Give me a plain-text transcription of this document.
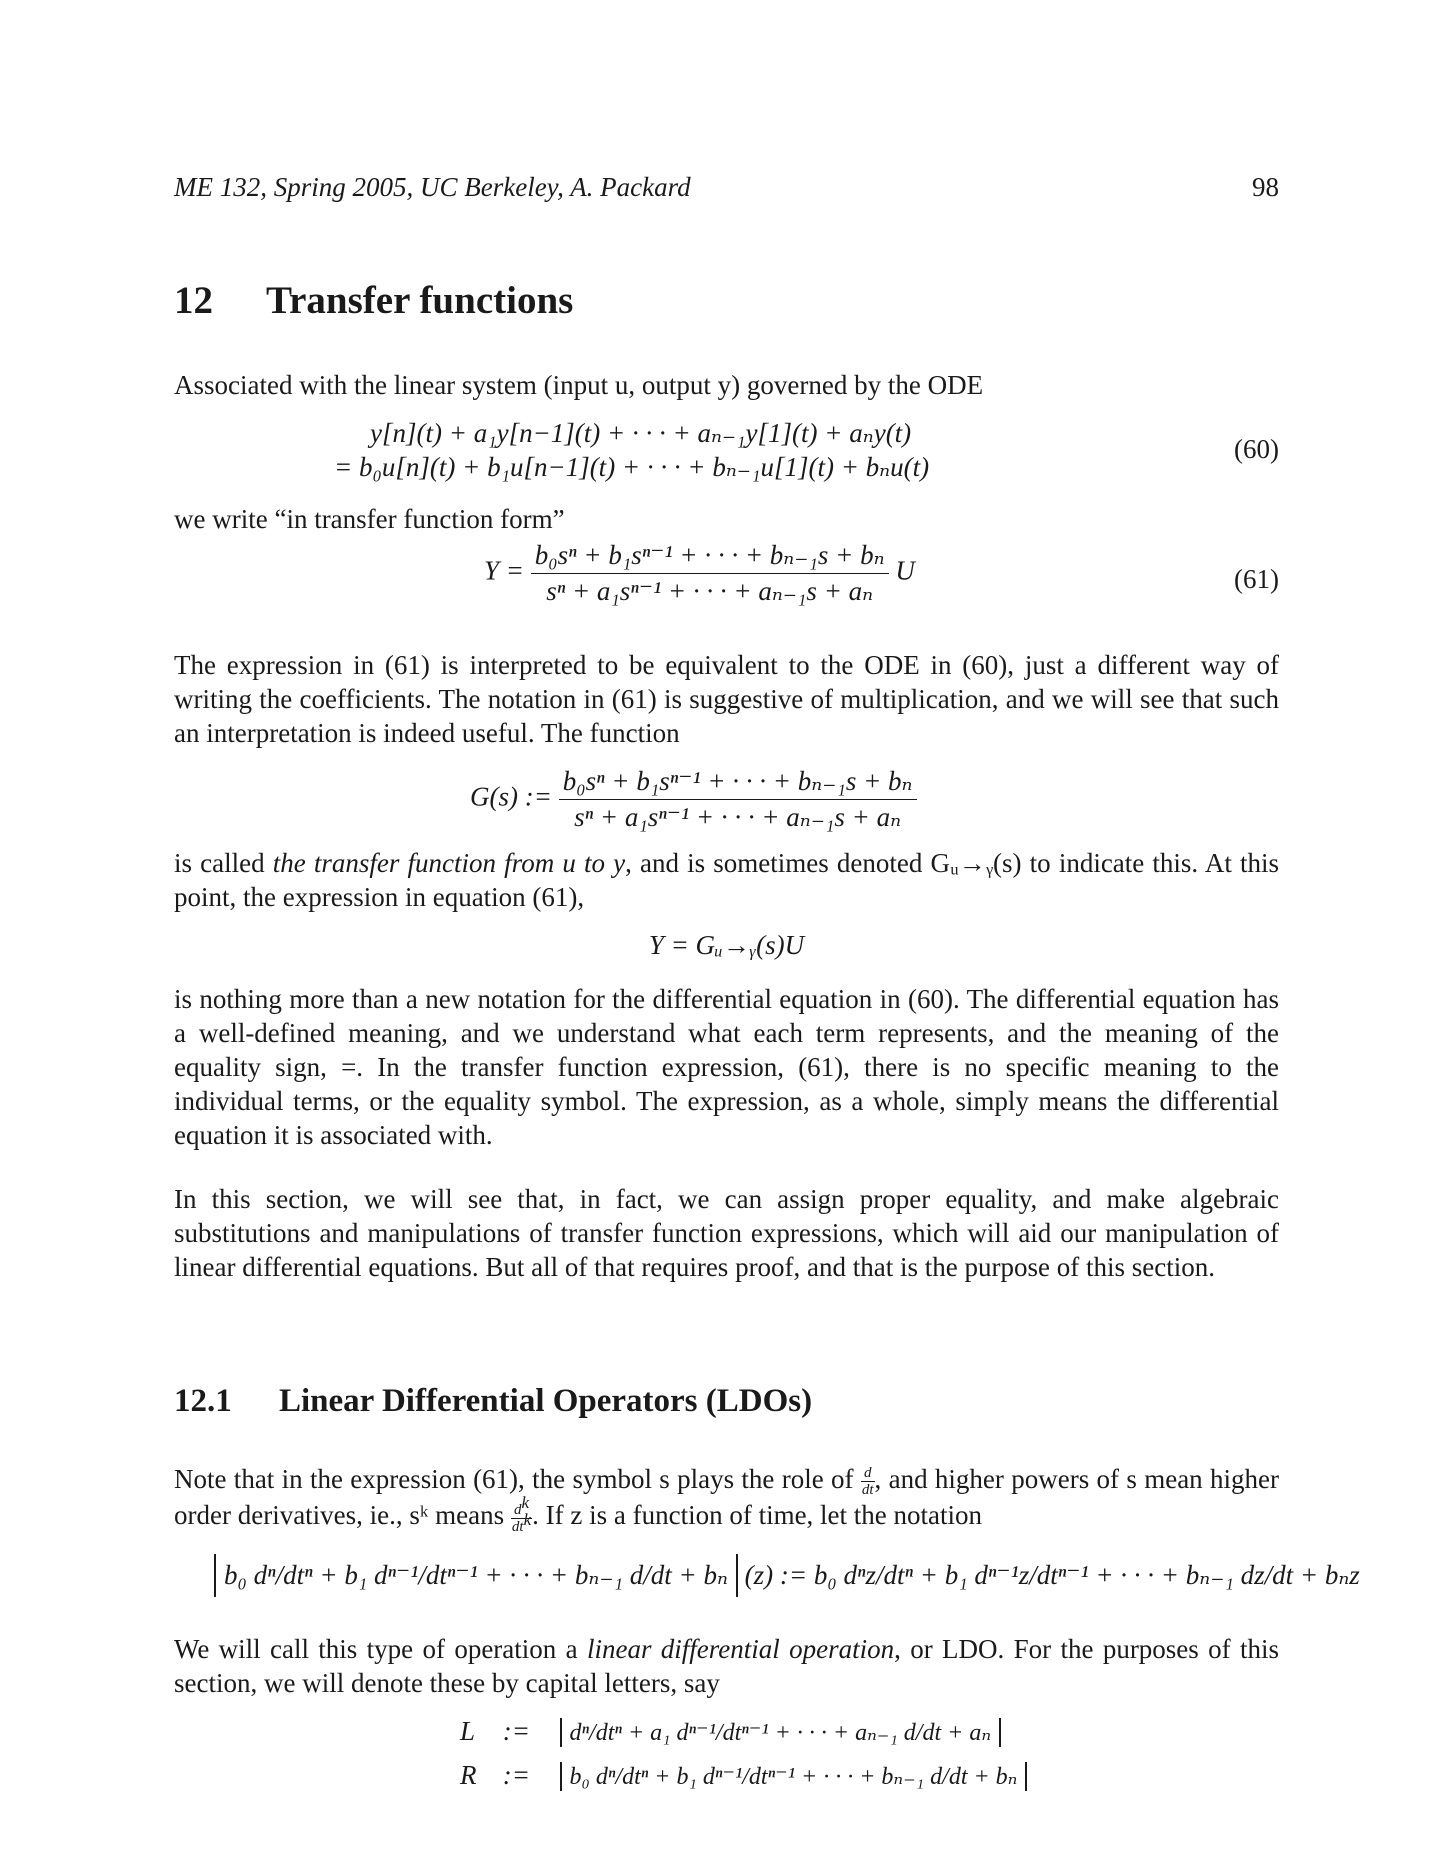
ME 132, Spring 2005, UC Berkeley, A. Packard	98
12 Transfer functions

Associated with the linear system (input u, output y) governed by the ODE

y[n](t) + a₁y[n−1](t) + · · · + aₙ₋₁y[1](t) + aₙy(t)
= b₀u[n](t) + b₁u[n−1](t) + · · · + bₙ₋₁u[1](t) + bₙu(t)
(60)

we write “in transfer function form”

$Y = \frac{\text{b₀sⁿ + b₁sⁿ⁻¹ + · · · + bₙ₋₁s + bₙ}}{\text{sⁿ + a₁sⁿ⁻¹ + · · · + aₙ₋₁s + aₙ}}$ U	(61)

The expression in (61) is interpreted to be equivalent to the ODE in (60), just a different way of writing the coefficients. The notation in (61) is suggestive of multiplication, and we will see that such an interpretation is indeed useful. The function

G(s) := $\frac{\text{b₀sⁿ + b₁sⁿ⁻¹ + · · · + bₙ₋₁s + bₙ}}{\text{sⁿ + a₁sⁿ⁻¹ + · · · + aₙ₋₁s + aₙ}}$

is called the transfer function from u to y, and is sometimes denoted Gᵤ→ᵧ(s) to indicate this. At this point, the expression in equation (61),

Y = Gᵤ→ᵧ(s)U

is nothing more than a new notation for the differential equation in (60). The differential equation has a well-defined meaning, and we understand what each term represents, and the meaning of the equality sign, =. In the transfer function expression, (61), there is no specific meaning to the individual terms, or the equality symbol. The expression, as a whole, simply means the differential equation it is associated with.

In this section, we will see that, in fact, we can assign proper equality, and make algebraic substitutions and manipulations of transfer function expressions, which will aid our manipulation of linear differential equations. But all of that requires proof, and that is the purpose of this section.

12.1 Linear Differential Operators (LDOs)

Note that in the expression (61), the symbol s plays the role of $\frac{d}{dt}$ , and higher powers of s mean higher order derivatives, ie., sᵏ means $d^k$
$dt^k$ . If z is a function of time, let the notation

b₀ dⁿ/dtⁿ + b₁ dⁿ⁻¹/dtⁿ⁻¹ + · · · + bₙ₋₁ d/dt + bₙ (z) := b₀ dⁿz/dtⁿ + b₁ dⁿ⁻¹z/dtⁿ⁻¹ + · · · + bₙ₋₁ dz/dt + bₙz

We will call this type of operation a linear differential operation, or LDO. For the purposes of this section, we will denote these by capital letters, say

L := dⁿ/dtⁿ + a₁ dⁿ⁻¹/dtⁿ⁻¹ + · · · + aₙ₋₁ d/dt + aₙ
R := b₀ dⁿ/dtⁿ + b₁ dⁿ⁻¹/dtⁿ⁻¹ + · · · + bₙ₋₁ d/dt + bₙ
